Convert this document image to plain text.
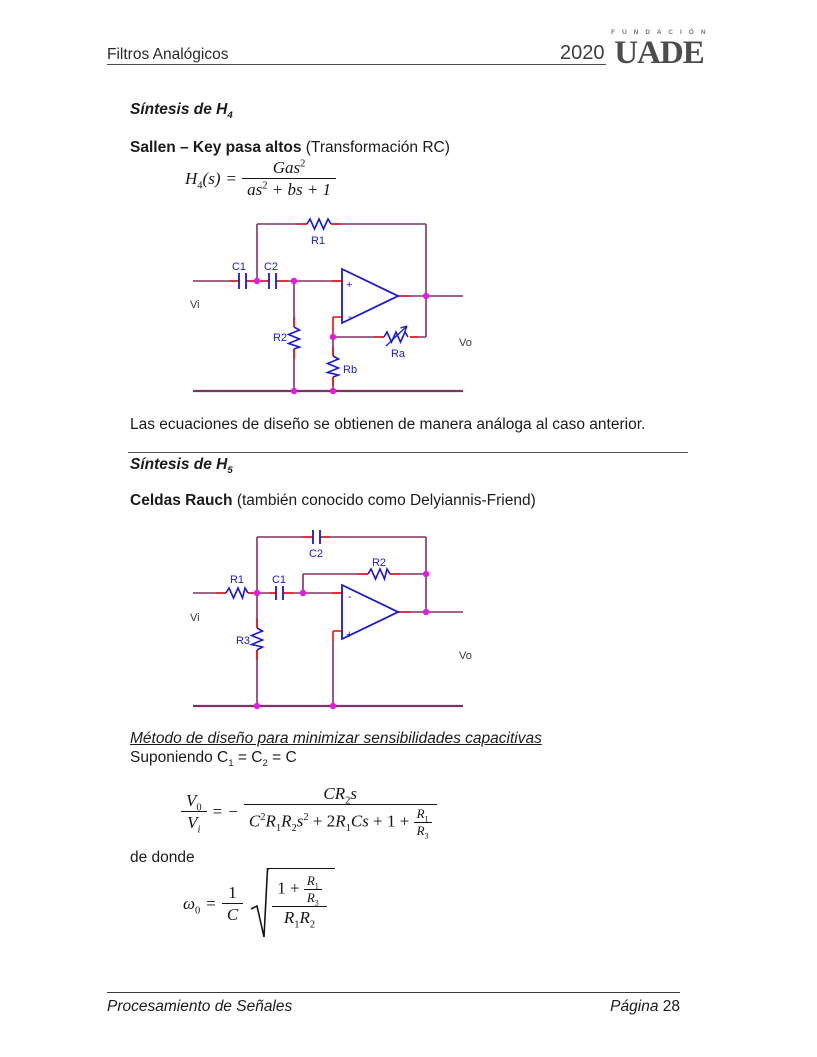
Filtros Analógicos	2020
F U N D A C I Ó N
UADE
Síntesis de $H_4$
Sallen – Key pasa altos (Transformación RC)
$H_4(s) = \frac{Gas^2}{as^2 + bs + 1}$
R1
C1 C2
R2
Ra
Rb
+
-
Vi
Vo
Las ecuaciones de diseño se obtienen de manera análoga al caso anterior.
Síntesis de $H_5$
Celdas Rauch (también conocido como Delyiannis-Friend)
C2
R2
R1	C1
R3
-
+
Vi
Vo
Método de diseño para minimizar sensibilidades capacitivas
Suponiendo $C_1 = C_2 = C$
$\frac{V_0}{V_i}$ = − $\frac{CR_2s}{C^2R_1R_2s^2 + 2R_1Cs + 1 + \frac{R_1}{R_3}}$
de donde
$\omega_0 = \frac{1}{C} \frac{1 + \frac{R_1}{R_3}}{R_1R_2}$
Procesamiento de Señales	Página 28
